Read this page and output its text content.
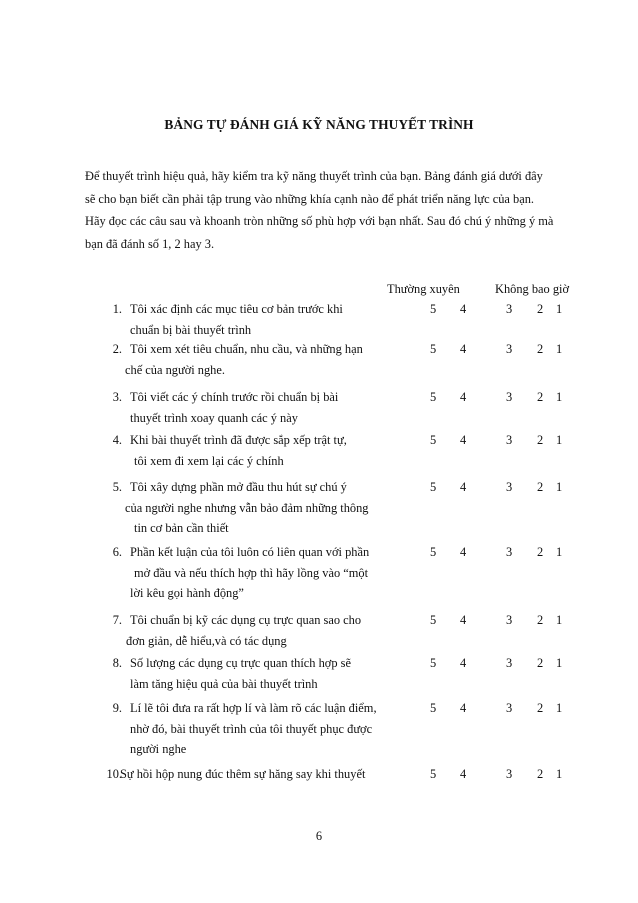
BẢNG TỰ ĐÁNH GIÁ KỸ NĂNG THUYẾT TRÌNH
Để thuyết trình hiệu quả, hãy kiểm tra kỹ năng thuyết trình của bạn. Bảng đánh giá dưới đây
sẽ cho bạn biết cần phải tập trung vào những khía cạnh nào để phát triển năng lực của bạn.
Hãy đọc các câu sau và khoanh tròn những số phù hợp với bạn nhất. Sau đó chú ý những ý mà
bạn đã đánh số 1, 2 hay 3.
Thường xuyên	Không bao giờ
1. Tôi xác định các mục tiêu cơ bản trước khi
chuẩn bị bài thuyết trình
5 4	3 2 1
2. Tôi xem xét tiêu chuẩn, nhu cầu, và những hạn
chế của người nghe.
5 4	3 2 1
3. Tôi viết các ý chính trước rồi chuẩn bị bài
thuyết trình xoay quanh các ý này
5 4	3 2 1
4. Khi bài thuyết trình đã được sắp xếp trật tự,
tôi xem đi xem lại các ý chính
5 4	3 2 1
5. Tôi xây dựng phần mở đầu thu hút sự chú ý
của người nghe nhưng vẫn bảo đảm những thông
tin cơ bản cần thiết
5 4	3 2 1
6. Phần kết luận của tôi luôn có liên quan với phần
mở đầu và nếu thích hợp thì hãy lồng vào “một
lời kêu gọi hành động”
5 4	3 2 1
7. Tôi chuẩn bị kỹ các dụng cụ trực quan sao cho
đơn giản, dễ hiểu,và có tác dụng
5 4	3 2 1
8. Số lượng các dụng cụ trực quan thích hợp sẽ
làm tăng hiệu quả của bài thuyết trình
5 4	3 2 1
9. Lí lẽ tôi đưa ra rất hợp lí và làm rõ các luận điểm,
nhờ đó, bài thuyết trình của tôi thuyết phục được
người nghe
5 4	3 2 1
10.
Sự hồi hộp nung đúc thêm sự hăng say khi thuyết	5 4	3 2 1
6
